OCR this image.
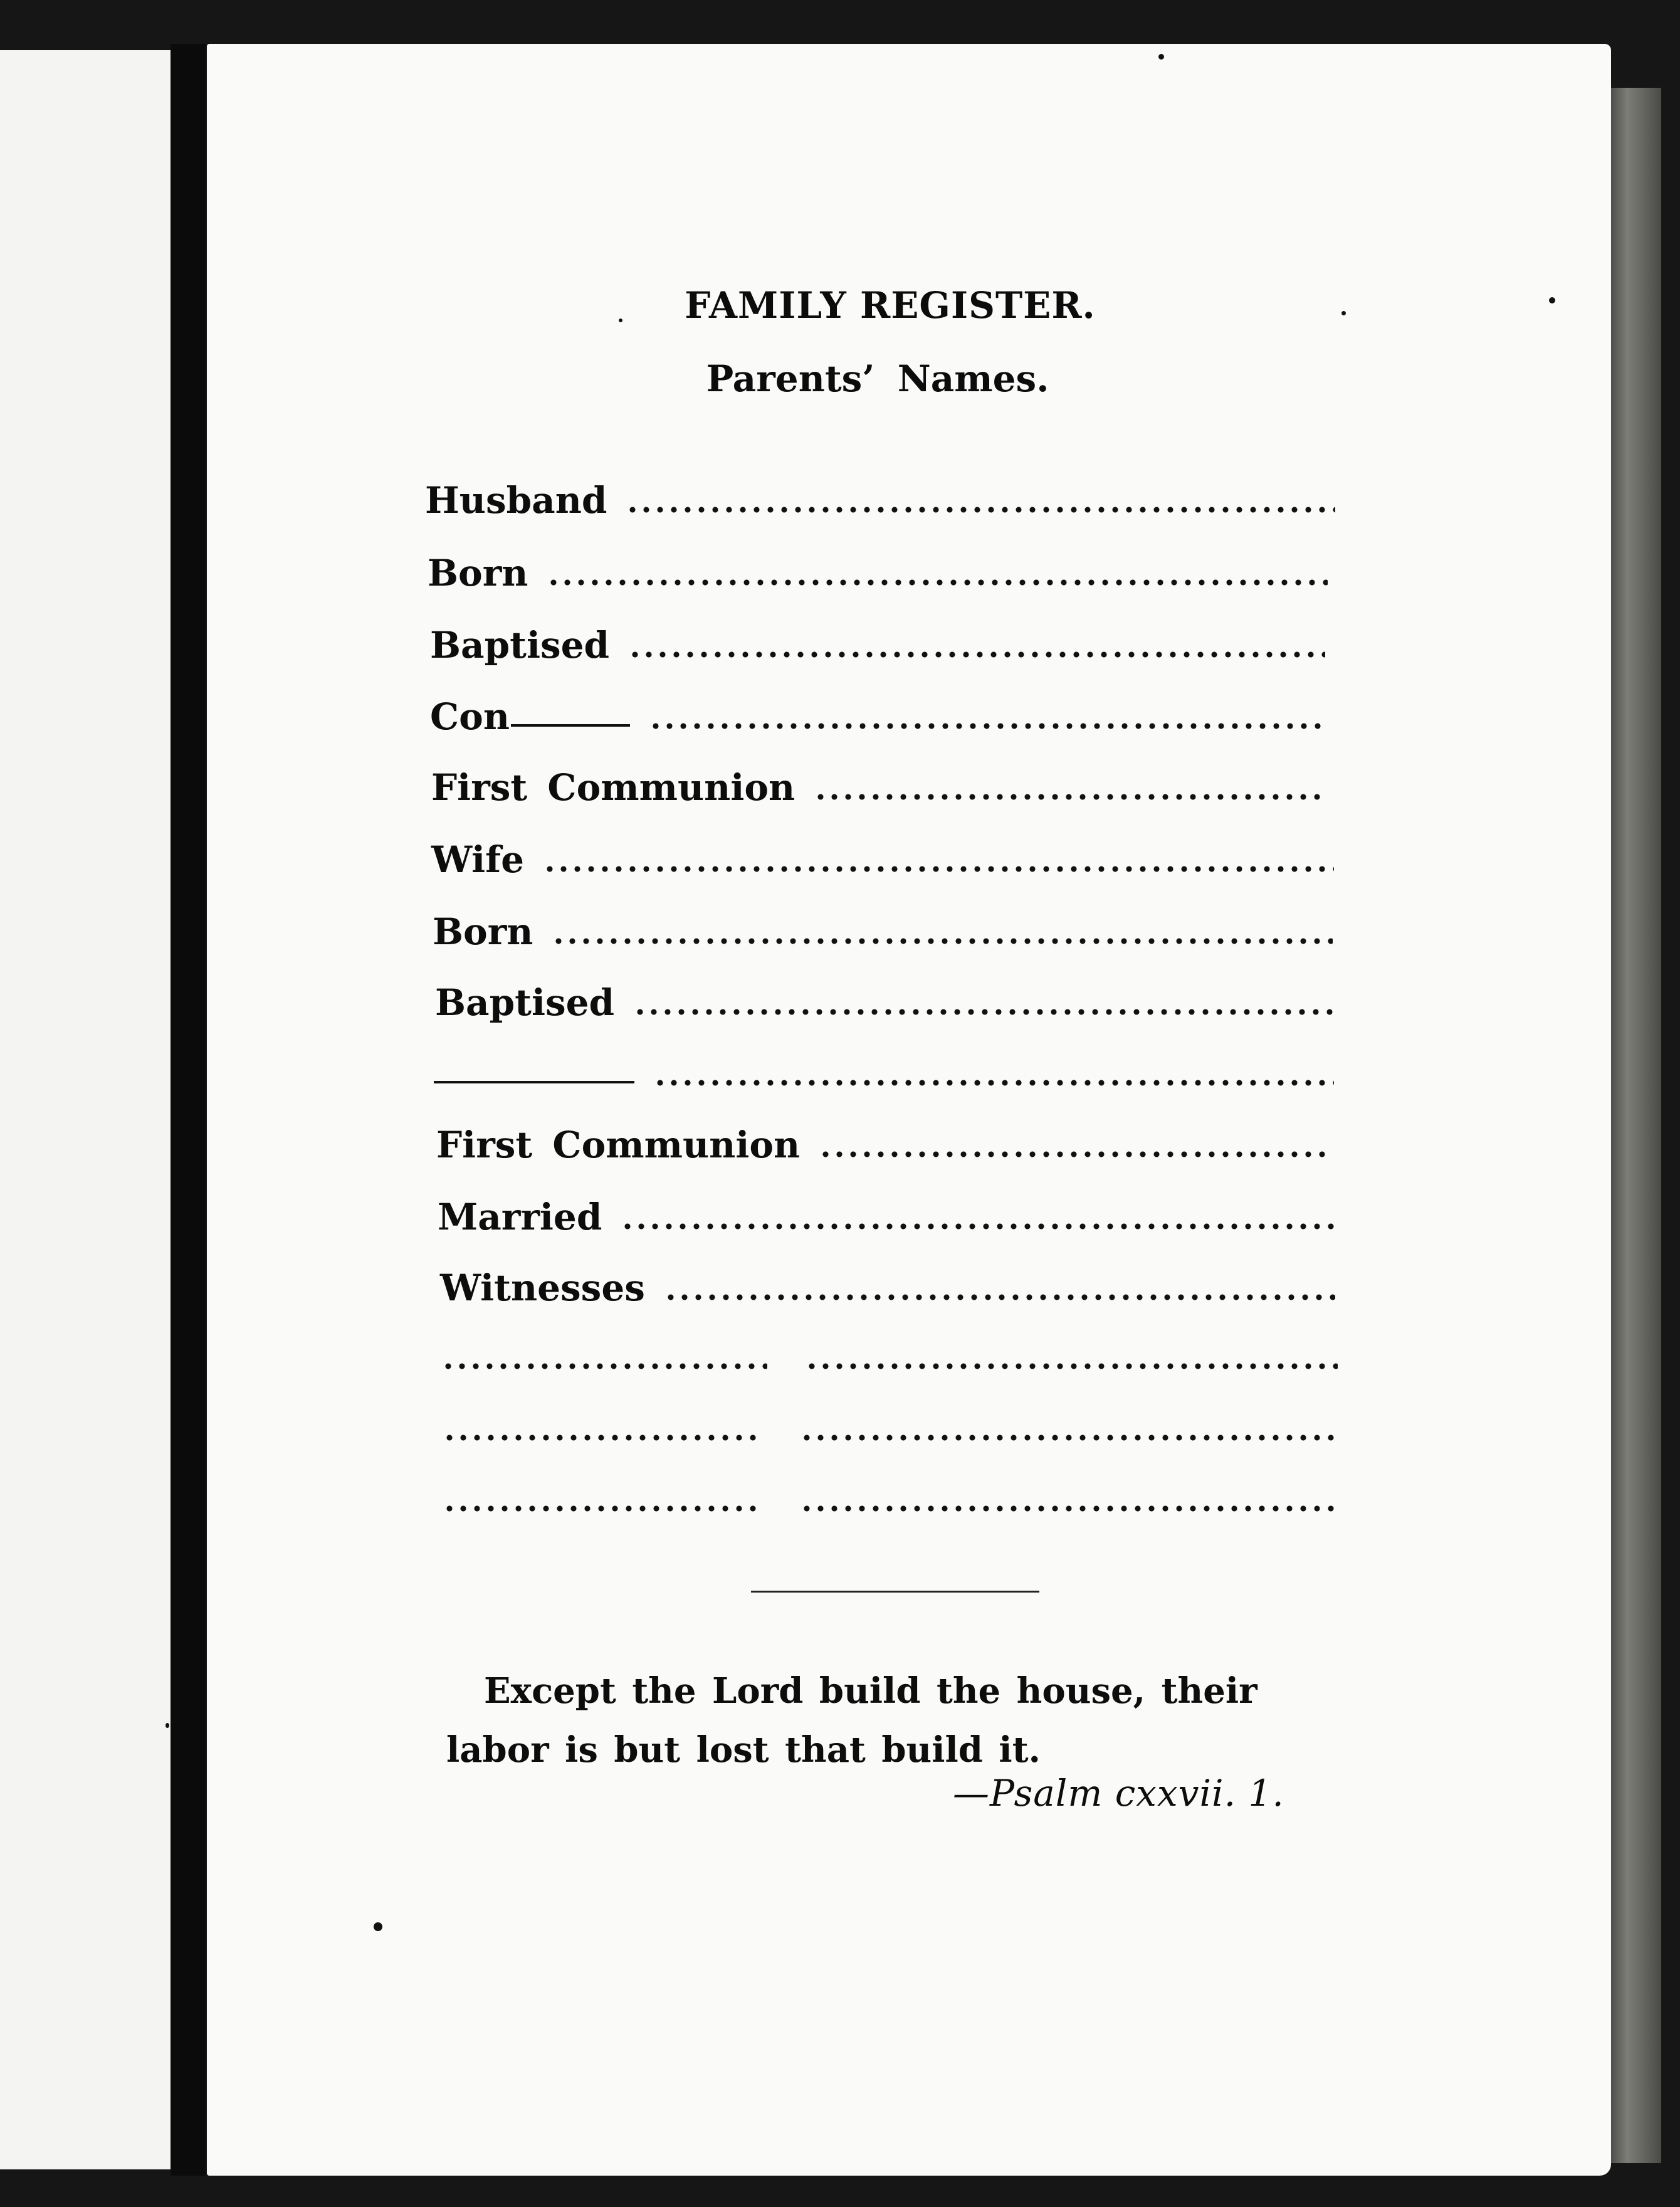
FAMILY REGISTER.
Parents’ Names.
Husband
Born
Baptised
Con
First Communion
Wife
Born
Baptised
First Communion
Married
Witnesses

Except the Lord build the house, their labor is but lost that build it.

—Psalm cxxvii. 1.
